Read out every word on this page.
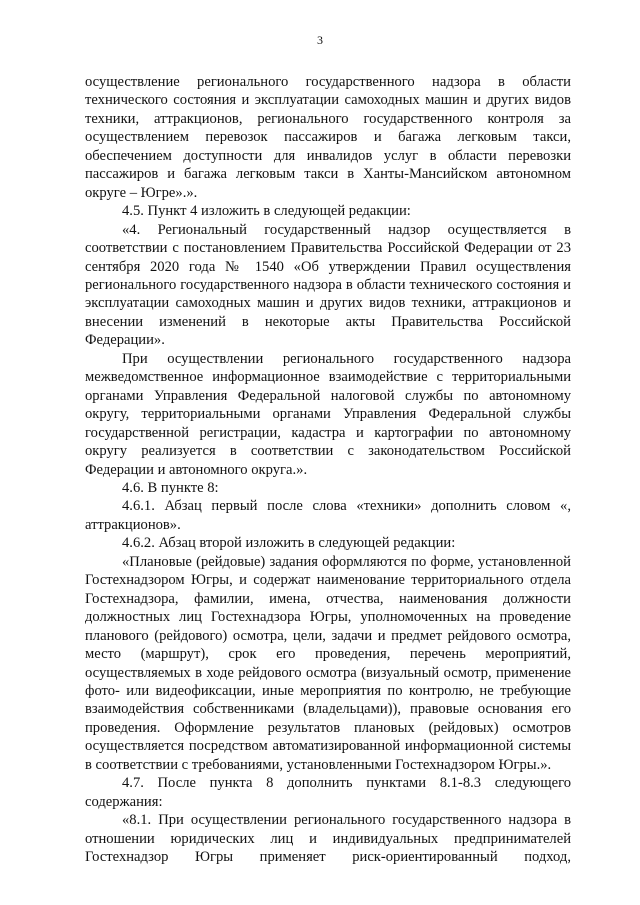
3

осуществление регионального государственного надзора в области технического состояния и эксплуатации самоходных машин и других видов техники, аттракционов, регионального государственного контроля за осуществлением перевозок пассажиров и багажа легковым такси, обеспечением доступности для инвалидов услуг в области перевозки пассажиров и багажа легковым такси в Ханты-Мансийском автономном округе – Югре».».

4.5. Пункт 4 изложить в следующей редакции:

«4. Региональный государственный надзор осуществляется в соответствии с постановлением Правительства Российской Федерации от 23 сентября 2020 года № 1540 «Об утверждении Правил осуществления регионального государственного надзора в области технического состояния и эксплуатации самоходных машин и других видов техники, аттракционов и внесении изменений в некоторые акты Правительства Российской Федерации».

При осуществлении регионального государственного надзора межведомственное информационное взаимодействие с территориальными органами Управления Федеральной налоговой службы по автономному округу, территориальными органами Управления Федеральной службы государственной регистрации, кадастра и картографии по автономному округу реализуется в соответствии с законодательством Российской Федерации и автономного округа.».

4.6. В пункте 8:

4.6.1. Абзац первый после слова «техники» дополнить словом «, аттракционов».

4.6.2. Абзац второй изложить в следующей редакции:

«Плановые (рейдовые) задания оформляются по форме, установленной Гостехнадзором Югры, и содержат наименование территориального отдела Гостехнадзора, фамилии, имена, отчества, наименования должности должностных лиц Гостехнадзора Югры, уполномоченных на проведение планового (рейдового) осмотра, цели, задачи и предмет рейдового осмотра, место (маршрут), срок его проведения, перечень мероприятий, осуществляемых в ходе рейдового осмотра (визуальный осмотр, применение фото- или видеофиксации, иные мероприятия по контролю, не требующие взаимодействия собственниками (владельцами)), правовые основания его проведения. Оформление результатов плановых (рейдовых) осмотров осуществляется посредством автоматизированной информационной системы в соответствии с требованиями, установленными Гостехнадзором Югры.».

4.7. После пункта 8 дополнить пунктами 8.1-8.3 следующего содержания:

«8.1. При осуществлении регионального государственного надзора в отношении юридических лиц и индивидуальных предпринимателей Гостехнадзор Югры применяет риск-ориентированный подход,
